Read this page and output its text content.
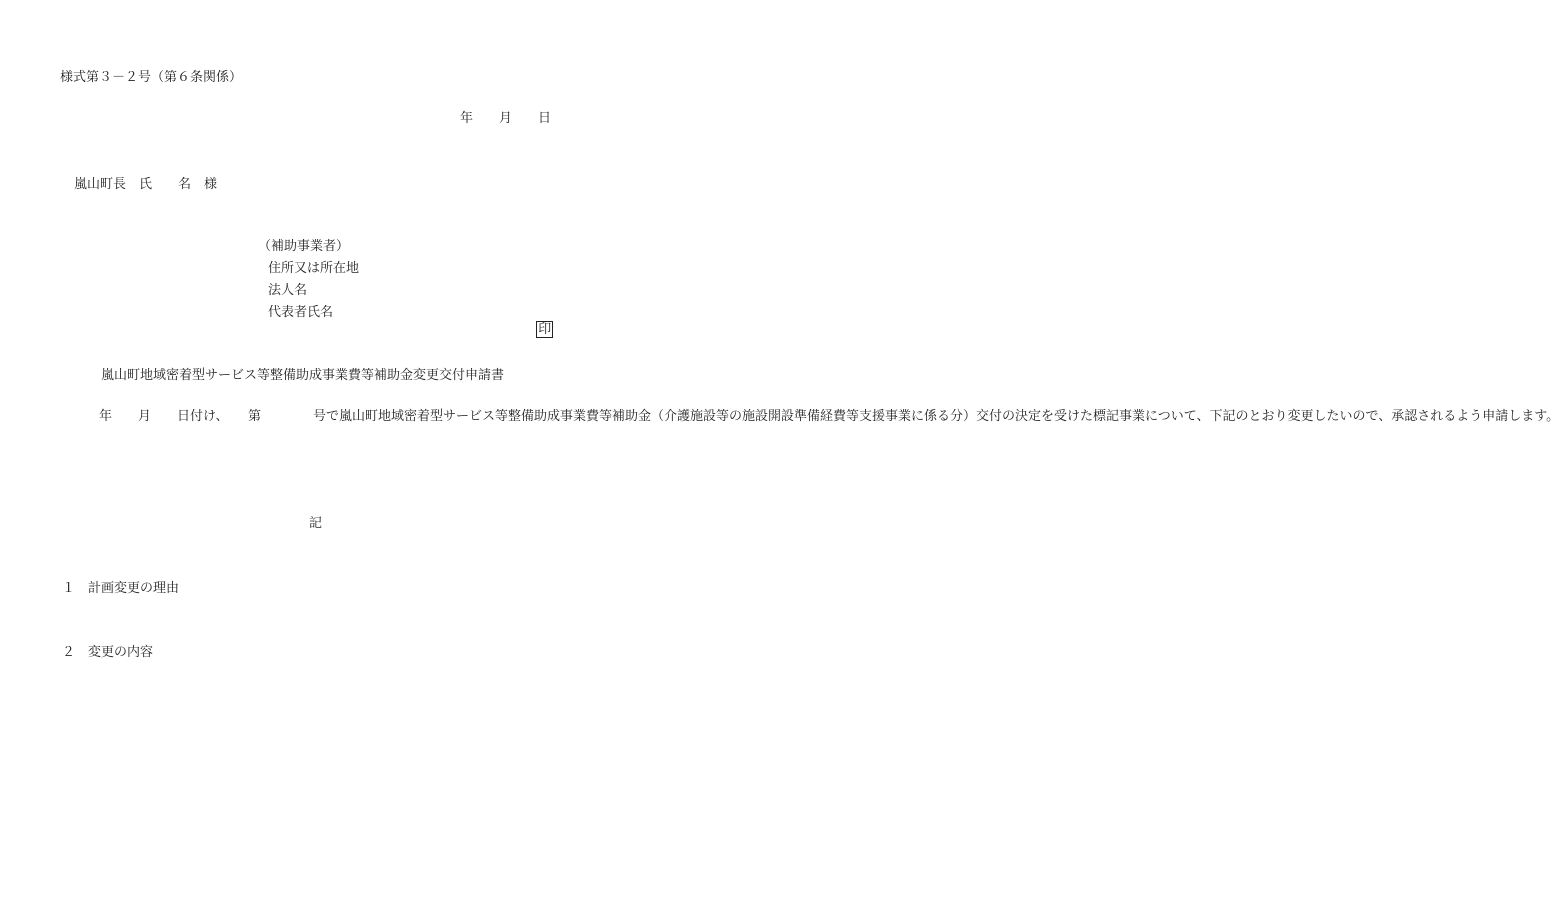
様式第３－２号（第６条関係）
年　　月　　日
嵐山町長　氏　　名　様
（補助事業者）
住所又は所在地
法人名
代表者氏名

印

嵐山町地域密着型サービス等整備助成事業費等補助金変更交付申請書
　　　年　　月　　日付け、　　第　　　　号で嵐山町地域密着型サービス等整備助成事業費等補助金（介護施設等の施設開設準備経費等支援事業に係る分）交付の決定を受けた標記事業について、下記のとおり変更したいので、承認されるよう申請します。
記
１　 計画変更の理由
２　 変更の内容
